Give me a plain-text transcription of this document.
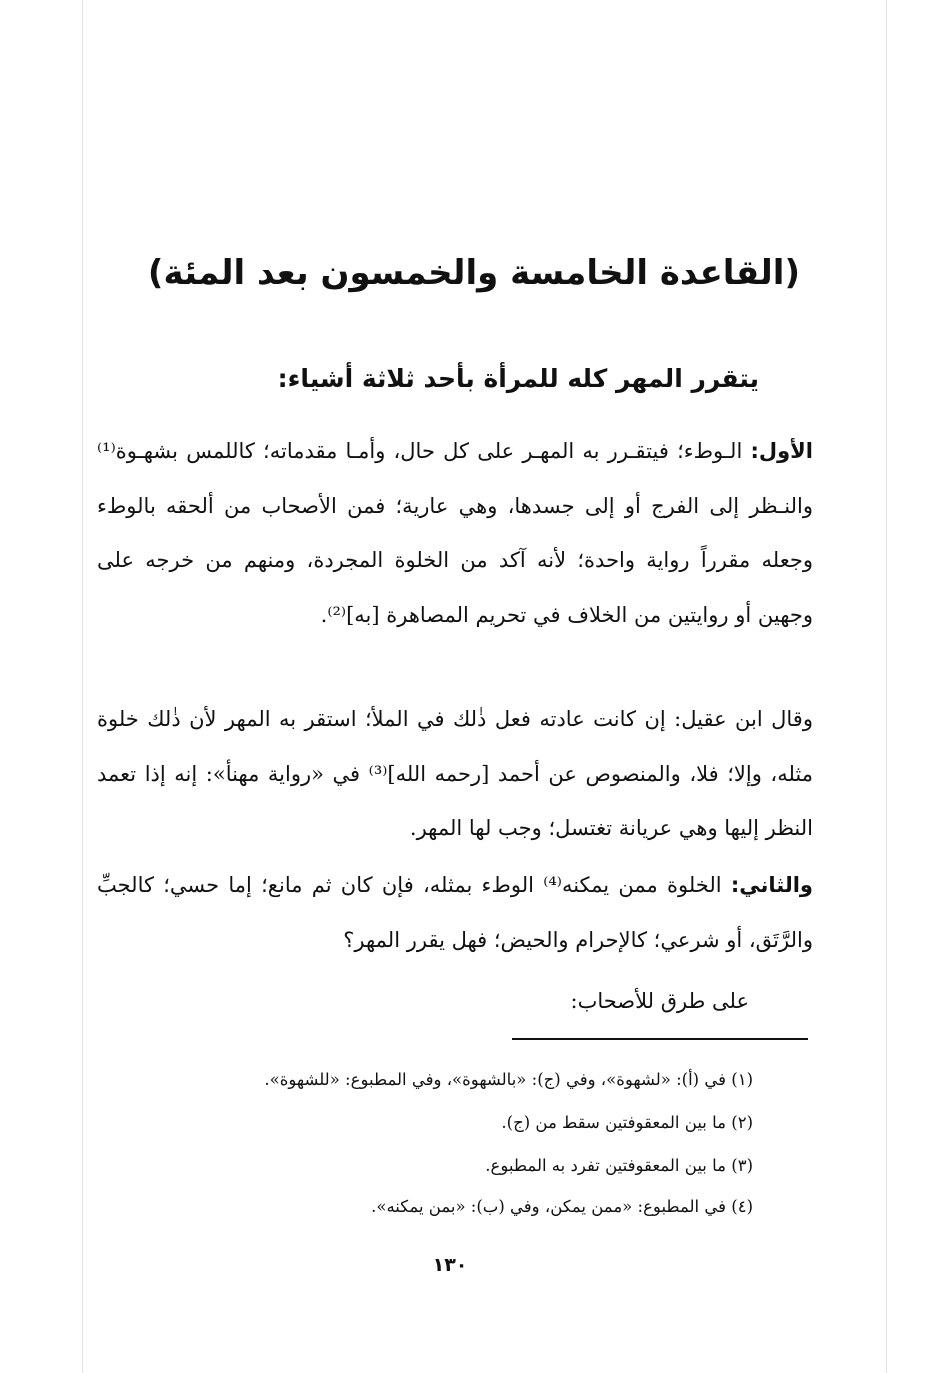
(القاعدة الخامسة والخمسون بعد المئة)
يتقرر المهر كله للمرأة بأحد ثلاثة أشياء:
الأول: الـوطء؛ فيتقـرر به المهـر على كل حال، وأمـا مقدماته؛ كاللمس بشهـوة⁽¹⁾ والنـظر إلى الفرج أو إلى جسدها، وهي عارية؛ فمن الأصحاب من ألحقه بالوطء وجعله مقرراً رواية واحدة؛ لأنه آكد من الخلوة المجردة، ومنهم من خرجه على وجهين أو روايتين من الخلاف في تحريم المصاهرة [به]⁽²⁾.
وقال ابن عقيل: إن كانت عادته فعل ذٰلك في الملأ؛ استقر به المهر لأن ذٰلك خلوة مثله، وإلا؛ فلا، والمنصوص عن أحمد [رحمه الله]⁽³⁾ في «رواية مهنأ»: إنه إذا تعمد النظر إليها وهي عريانة تغتسل؛ وجب لها المهر.
والثاني: الخلوة ممن يمكنه⁽⁴⁾ الوطء بمثله، فإن كان ثم مانع؛ إما حسي؛ كالجبِّ والرَّتَق، أو شرعي؛ كالإحرام والحيض؛ فهل يقرر المهر؟
على طرق للأصحاب:
(١) في (أ): «لشهوة»، وفي (ج): «بالشهوة»، وفي المطبوع: «للشهوة».
(٢) ما بين المعقوفتين سقط من (ج).
(٣) ما بين المعقوفتين تفرد به المطبوع.
(٤) في المطبوع: «ممن يمكن، وفي (ب): «بمن يمكنه».
١٣٠
